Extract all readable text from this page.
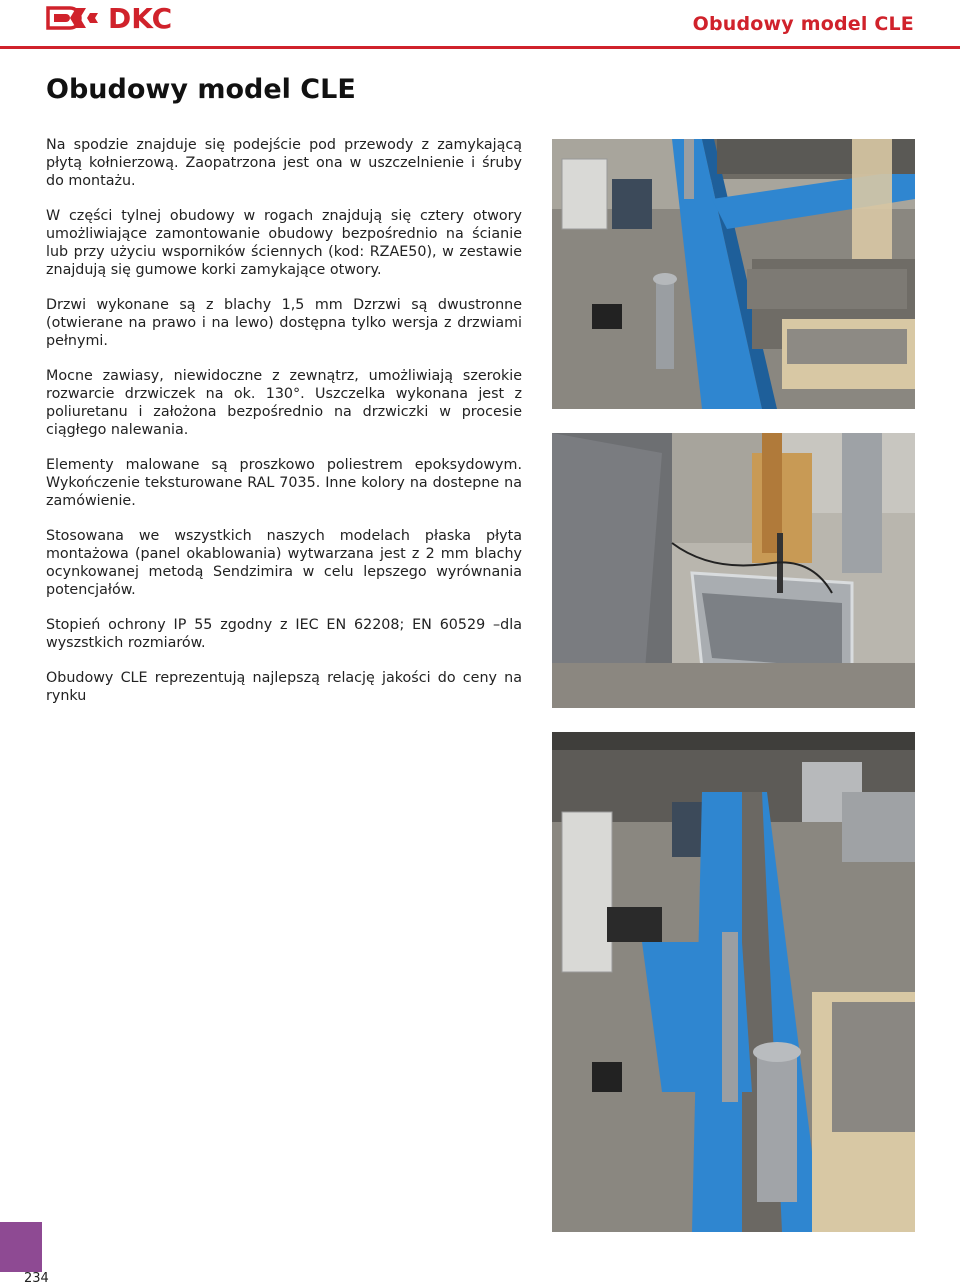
DKC	Obudowy model CLE
Obudowy model CLE

Na spodzie znajduje się podejście pod przewody z zamykającą płytą kołnierzową. Zaopatrzona jest ona w uszczelnienie i śruby do montażu.

W części tylnej obudowy w rogach znajdują się cztery otwory umożliwiające zamontowanie obudowy bezpośrednio na ścianie lub przy użyciu wsporników ściennych (kod: RZAE50), w zestawie znajdują się gumowe korki zamykające otwory.

Drzwi wykonane są z blachy 1,5 mm Dzrzwi są dwustronne (otwierane na prawo i na lewo) dostępna tylko wersja z drzwiami pełnymi.

Mocne zawiasy, niewidoczne z zewnątrz, umożliwiają szerokie rozwarcie drzwiczek na ok. 130°. Uszczelka wykonana jest z poliuretanu i założona bezpośrednio na drzwiczki w procesie ciągłego nalewania.

Elementy malowane są proszkowo poliestrem epoksydowym. Wykończenie teksturowane RAL 7035. Inne kolory na dostepne na zamówienie.

Stosowana we wszystkich naszych modelach płaska płyta montażowa (panel okablowania) wytwarzana jest z 2 mm blachy ocynkowanej metodą Sendzimira w celu lepszego wyrównania potencjałów.

Stopień ochrony IP 55 zgodny z IEC EN 62208; EN 60529 –dla wyszstkich rozmiarów.

Obudowy CLE reprezentują najlepszą relację jakości do ceny na rynku

234
